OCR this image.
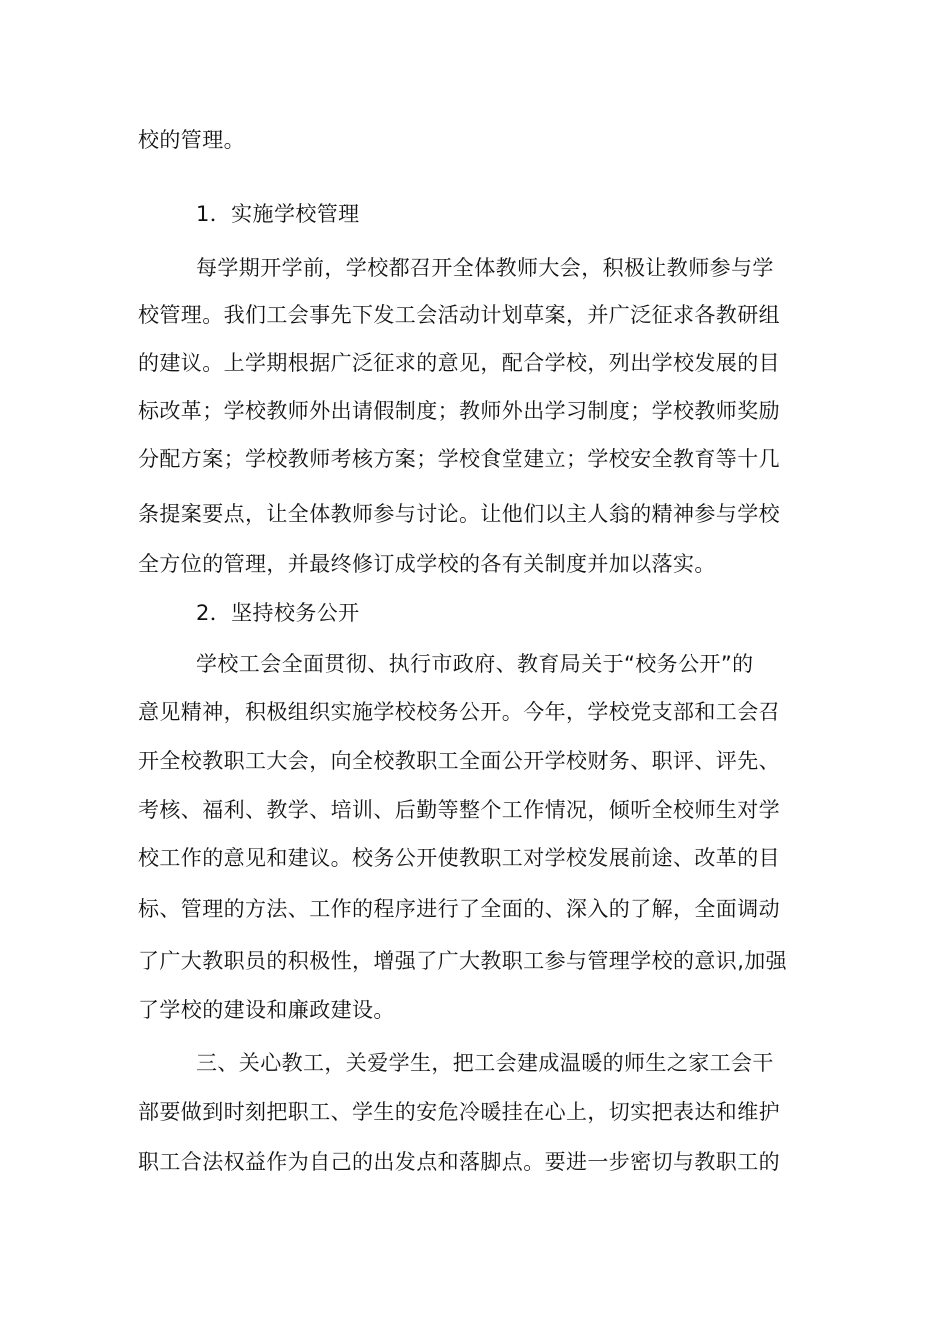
校的管理。
1．实施学校管理
每学期开学前，学校都召开全体教师大会，积极让教师参与学
校管理。我们工会事先下发工会活动计划草案，并广泛征求各教研组
的建议。上学期根据广泛征求的意见，配合学校，列出学校发展的目
标改革；学校教师外出请假制度；教师外出学习制度；学校教师奖励
分配方案；学校教师考核方案；学校食堂建立；学校安全教育等十几
条提案要点，让全体教师参与讨论。让他们以主人翁的精神参与学校
全方位的管理，并最终修订成学校的各有关制度并加以落实。
2．坚持校务公开
学校工会全面贯彻、执行市政府、教育局关于“校务公开”的
意见精神，积极组织实施学校校务公开。今年，学校党支部和工会召
开全校教职工大会，向全校教职工全面公开学校财务、职评、评先、
考核、福利、教学、培训、后勤等整个工作情况，倾听全校师生对学
校工作的意见和建议。校务公开使教职工对学校发展前途、改革的目
标、管理的方法、工作的程序进行了全面的、深入的了解，全面调动
了广大教职员的积极性，增强了广大教职工参与管理学校的意识,加强
了学校的建设和廉政建设。
三、关心教工，关爱学生，把工会建成温暖的师生之家工会干
部要做到时刻把职工、学生的安危冷暖挂在心上，切实把表达和维护
职工合法权益作为自己的出发点和落脚点。要进一步密切与教职工的
